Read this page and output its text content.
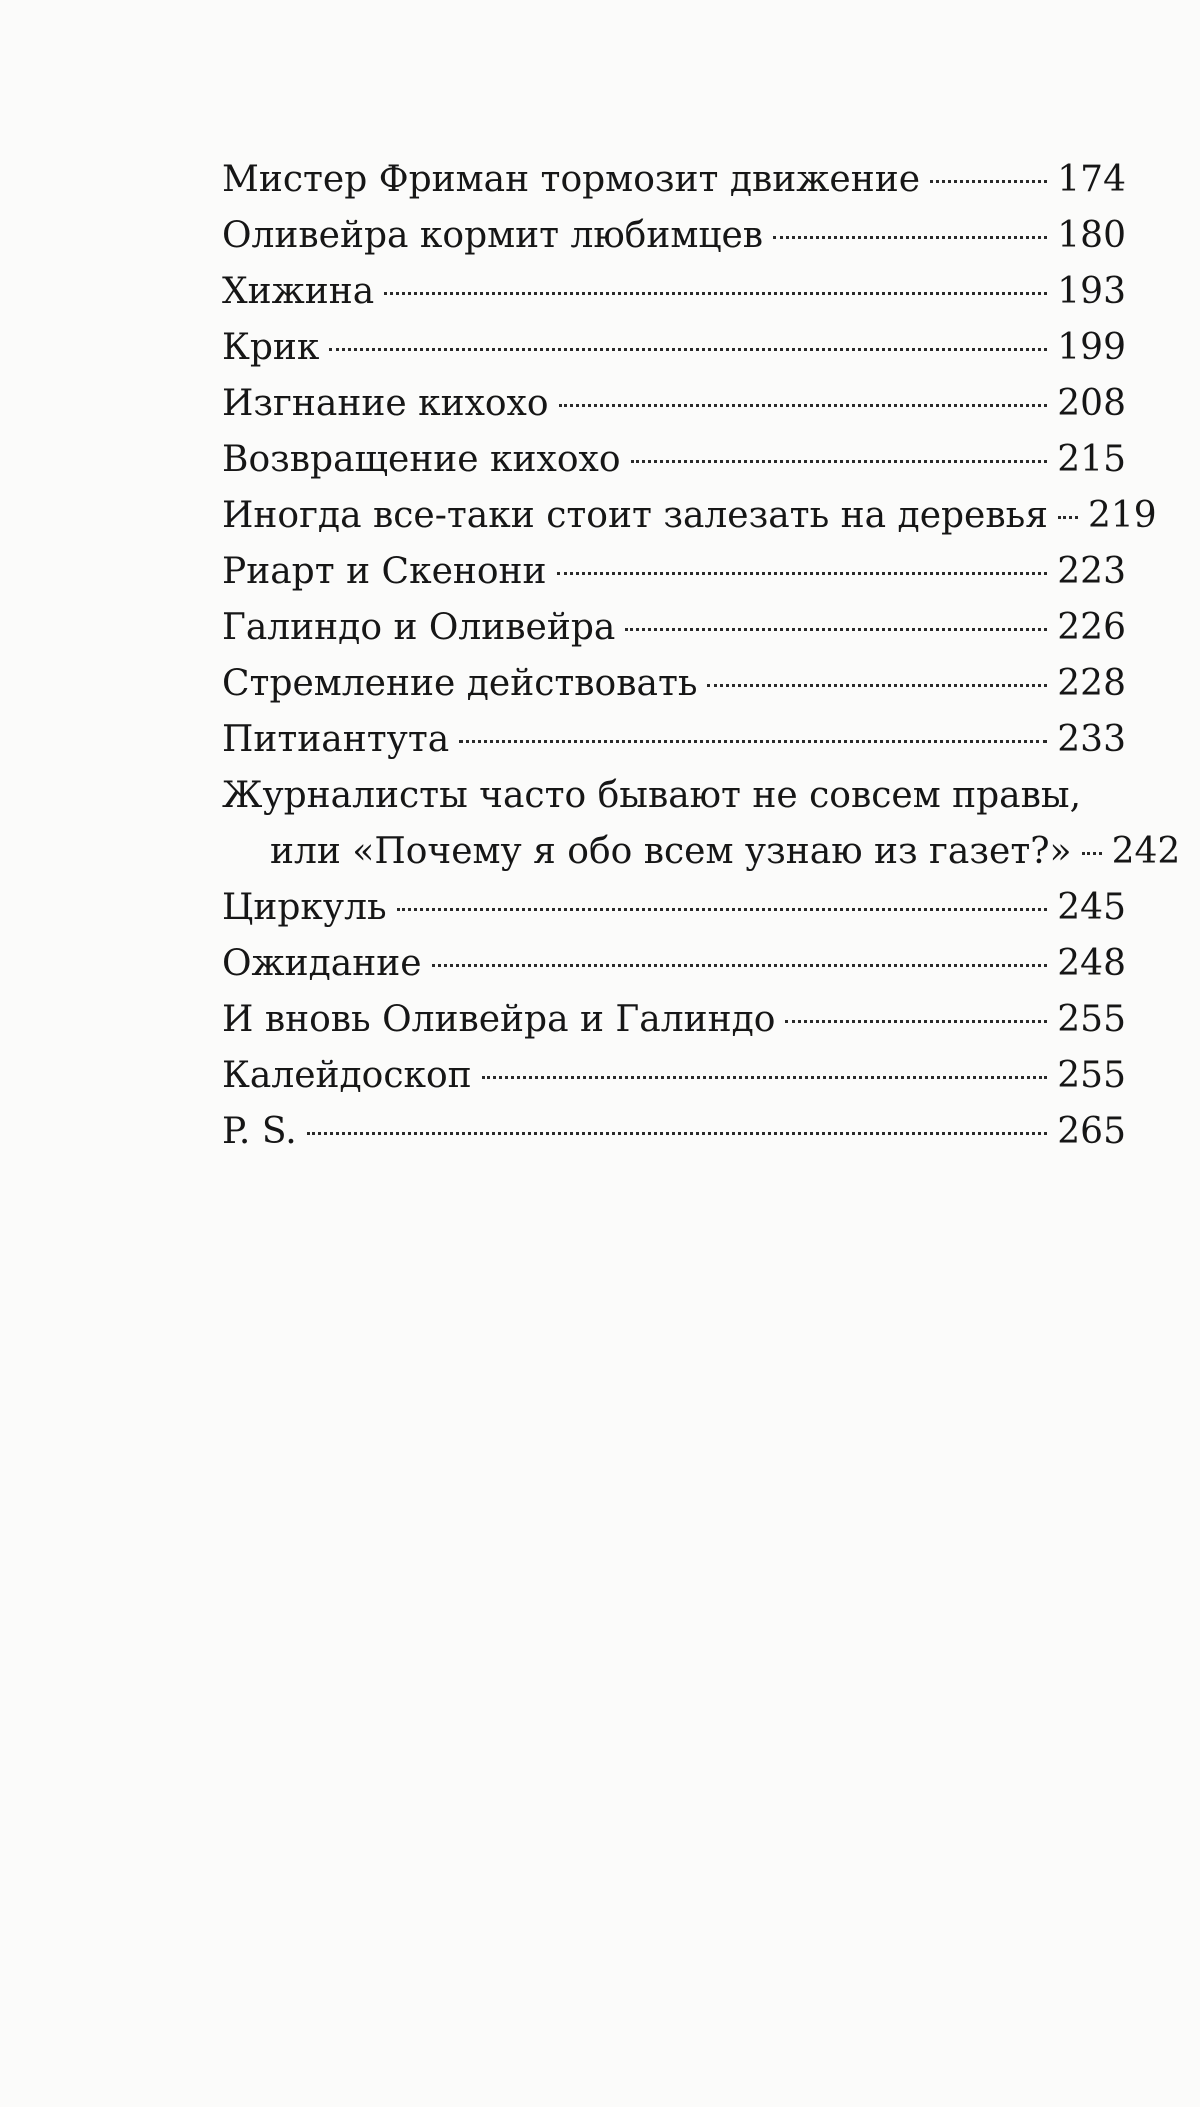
Мистер Фриман тормозит движение	174
Оливейра кормит любимцев	180
Хижина	193
Крик	199
Изгнание кихохо	208
Возвращение кихохо	215
Иногда все-таки стоит залезать на деревья 219
Риарт и Скенони	223
Галиндо и Оливейра	226
Стремление действовать	228
Питиантута	233
Журналисты часто бывают не совсем правы,
или «Почему я обо всем узнаю из газет?» 242
Циркуль	245
Ожидание	248
И вновь Оливейра и Галиндо	255
Калейдоскоп	255
P. S.	265
